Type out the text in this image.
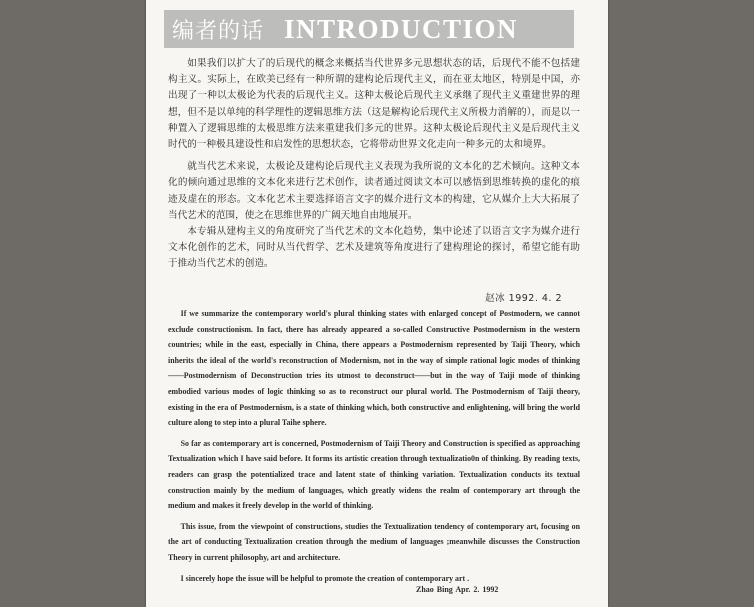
编者的话 INTRODUCTION

如果我们以扩大了的后现代的概念来概括当代世界多元思想状态的话，后现代不能不包括建构主义。实际上，在欧美已经有一种所谓的建构论后现代主义，而在亚太地区，特别是中国，亦出现了一种以太极论为代表的后现代主义。这种太极论后现代主义承继了现代主义重建世界的理想，但不是以单纯的科学理性的逻辑思维方法（这是解构论后现代主义所极力消解的），而是以一种置入了逻辑思维的太极思维方法来重建我们多元的世界。这种太极论后现代主义是后现代主义时代的一种极具建设性和启发性的思想状态，它将带动世界文化走向一种多元的太和境界。

就当代艺术来说，太极论及建构论后现代主义表现为我所说的文本化的艺术倾向。这种文本化的倾向通过思维的文本化来进行艺术创作，读者通过阅读文本可以感悟到思维转换的虚化的痕迹及虚在的形态。文本化艺术主要选择语言文字的媒介进行文本的构建，它从媒介上大大拓展了当代艺术的范围，使之在思维世界的广阔天地自由地展开。

本专辑从建构主义的角度研究了当代艺术的文本化趋势，集中论述了以语言文字为媒介进行文本化创作的艺术，同时从当代哲学、艺术及建筑等角度进行了建构理论的探讨，希望它能有助于推动当代艺术的创造。

赵冰 1992. 4. 2

If we summarize the contemporary world's plural thinking states with enlarged concept of Postmodern, we cannot exclude constructionism. In fact, there has already appeared a so-called Constructive Postmodernism in the western countries; while in the east, especially in China, there appears a Postmodernism represented by Taiji Theory, which inherits the ideal of the world's reconstruction of Modernism, not in the way of simple rational logic modes of thinking——Postmodernism of Deconstruction tries its utmost to deconstruct——but in the way of Taiji mode of thinking embodied various modes of logic thinking so as to reconstruct our plural world. The Postmodernism of Taiji theory, existing in the era of Postmodernism, is a state of thinking which, both constructive and enlightening, will bring the world culture along to step into a plural Taihe sphere.

So far as contemporary art is concerned, Postmodernism of Taiji Theory and Construction is specified as approaching Textualization which I have said before. It forms its artistic creation through textualizatio0n of thinking. By reading texts, readers can grasp the potentialized trace and latent state of thinking variation. Textualization conducts its textual construction mainly by the medium of languages, which greatly widens the realm of contemporary art through the medium and makes it freely develop in the world of thinking.

This issue, from the viewpoint of constructions, studies the Textualization tendency of contemporary art, focusing on the art of conducting Textualization creation through the medium of languages ;meanwhile discusses the Construction Theory in current philosophy, art and architecture.

I sincerely hope the issue will be helpful to promote the creation of contemporary art .

Zhao Bing Apr. 2. 1992
